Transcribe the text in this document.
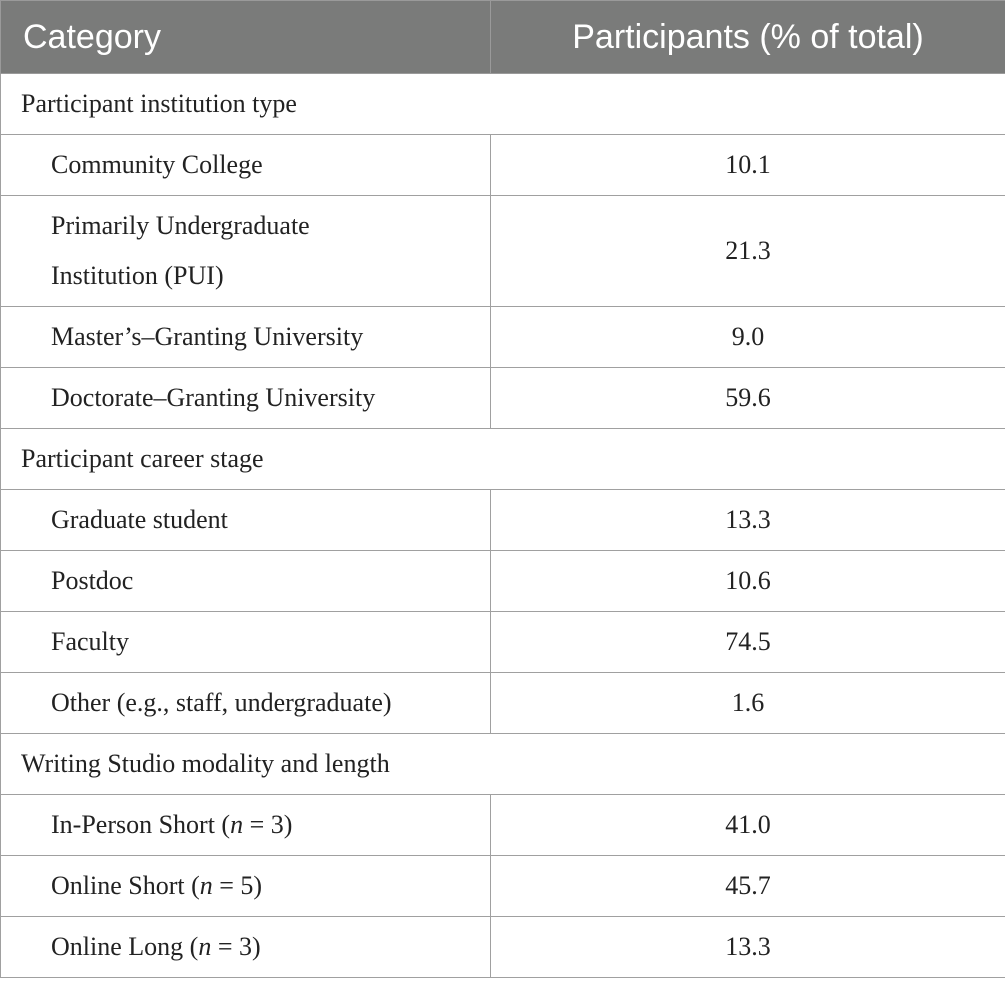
Category	Participants (% of total)
Participant institution type	
Community College	10.1
Primarily Undergraduate
Institution (PUI)	21.3
Master’s–Granting University	9.0
Doctorate–Granting University	59.6
Participant career stage	
Graduate student	13.3
Postdoc	10.6
Faculty	74.5
Other (e.g., staff, undergraduate)	1.6
Writing Studio modality and length	
In-Person Short (n = 3)	41.0
Online Short (n = 5)	45.7
Online Long (n = 3)	13.3
